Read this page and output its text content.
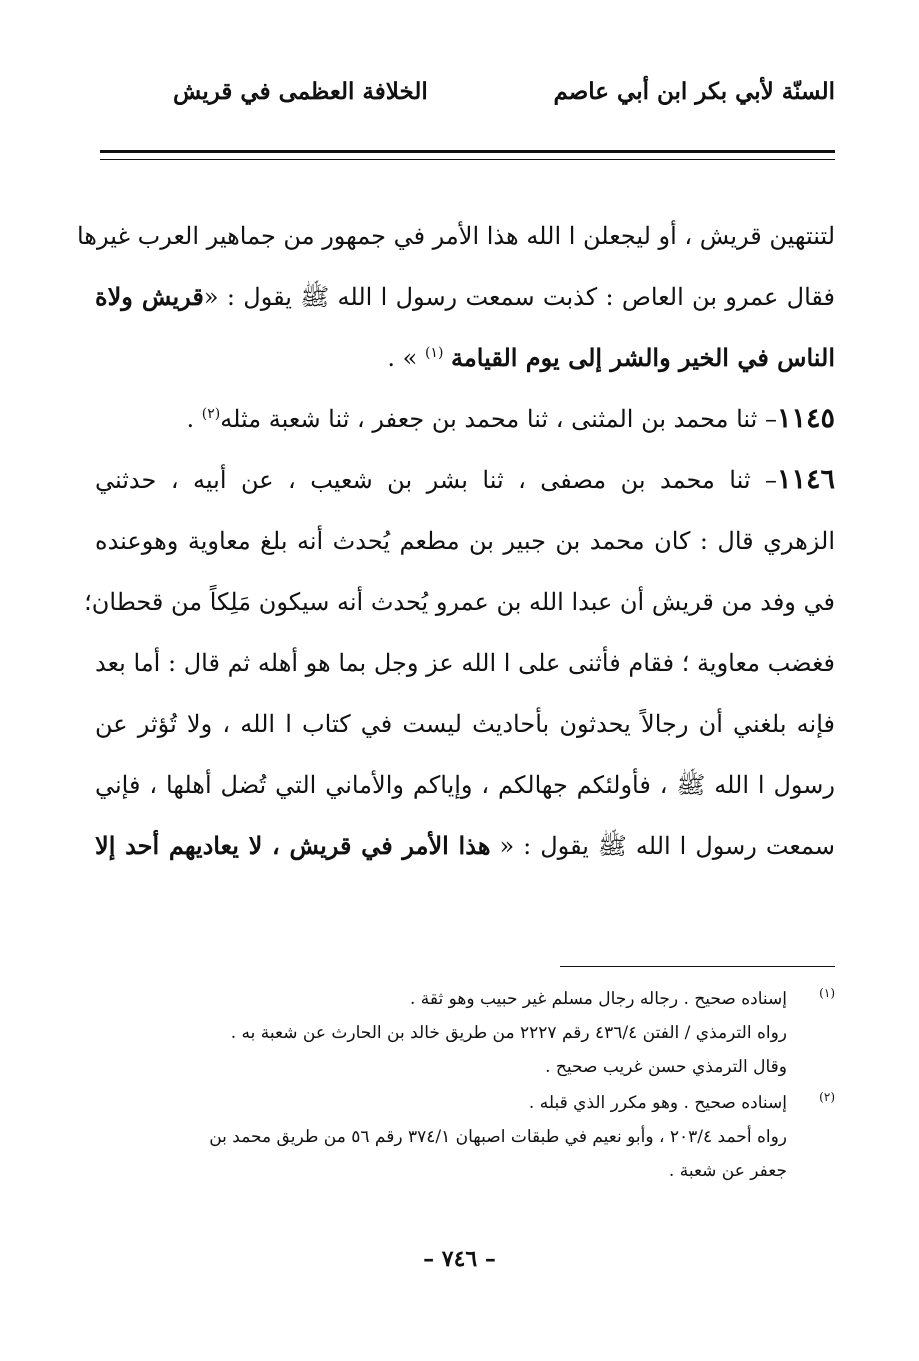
السنّة لأبي بكر ابن أبي عاصم
الخلافة العظمى في قريش
لتنتهين قريش ، أو ليجعلن ا الله هذا الأمر في جمهور من جماهير العرب غيرها
فقال عمرو بن العاص : كذبت سمعت رسول ا الله ﷺ يقول : «قريش ولاة
الناس في الخير والشر إلى يوم القيامة $^{(١)}$ » .
١١٤٥– ثنا محمد بن المثنى ، ثنا محمد بن جعفر ، ثنا شعبة مثله$^{(٢)}$ .
١١٤٦– ثنا محمد بن مصفى ، ثنا بشر بن شعيب ، عن أبيه ، حدثني
الزهري قال : كان محمد بن جبير بن مطعم يُحدث أنه بلغ معاوية وهوعنده
في وفد من قريش أن عبدا الله بن عمرو يُحدث أنه سيكون مَلِكاً من قحطان؛
فغضب معاوية ؛ فقام فأثنى على ا الله عز وجل بما هو أهله ثم قال : أما بعد
فإنه بلغني أن رجالاً يحدثون بأحاديث ليست في كتاب ا الله ، ولا تُؤثر عن
رسول ا الله ﷺ ، فأولئكم جهالكم ، وإياكم والأماني التي تُضل أهلها ، فإني
سمعت رسول ا الله ﷺ يقول : « هذا الأمر في قريش ، لا يعاديهم أحد إلا
(١)
إسناده صحيح . رجاله رجال مسلم غير حبيب وهو ثقة .
رواه الترمذي / الفتن ٤٣٦/٤ رقم ٢٢٢٧ من طريق خالد بن الحارث عن شعبة به .
وقال الترمذي حسن غريب صحيح .
(٢)
إسناده صحيح . وهو مكرر الذي قبله .
رواه أحمد ٢٠٣/٤ ، وأبو نعيم في طبقات اصبهان ٣٧٤/١ رقم ٥٦ من طريق محمد بن
جعفر عن شعبة .
– ٧٤٦ –
